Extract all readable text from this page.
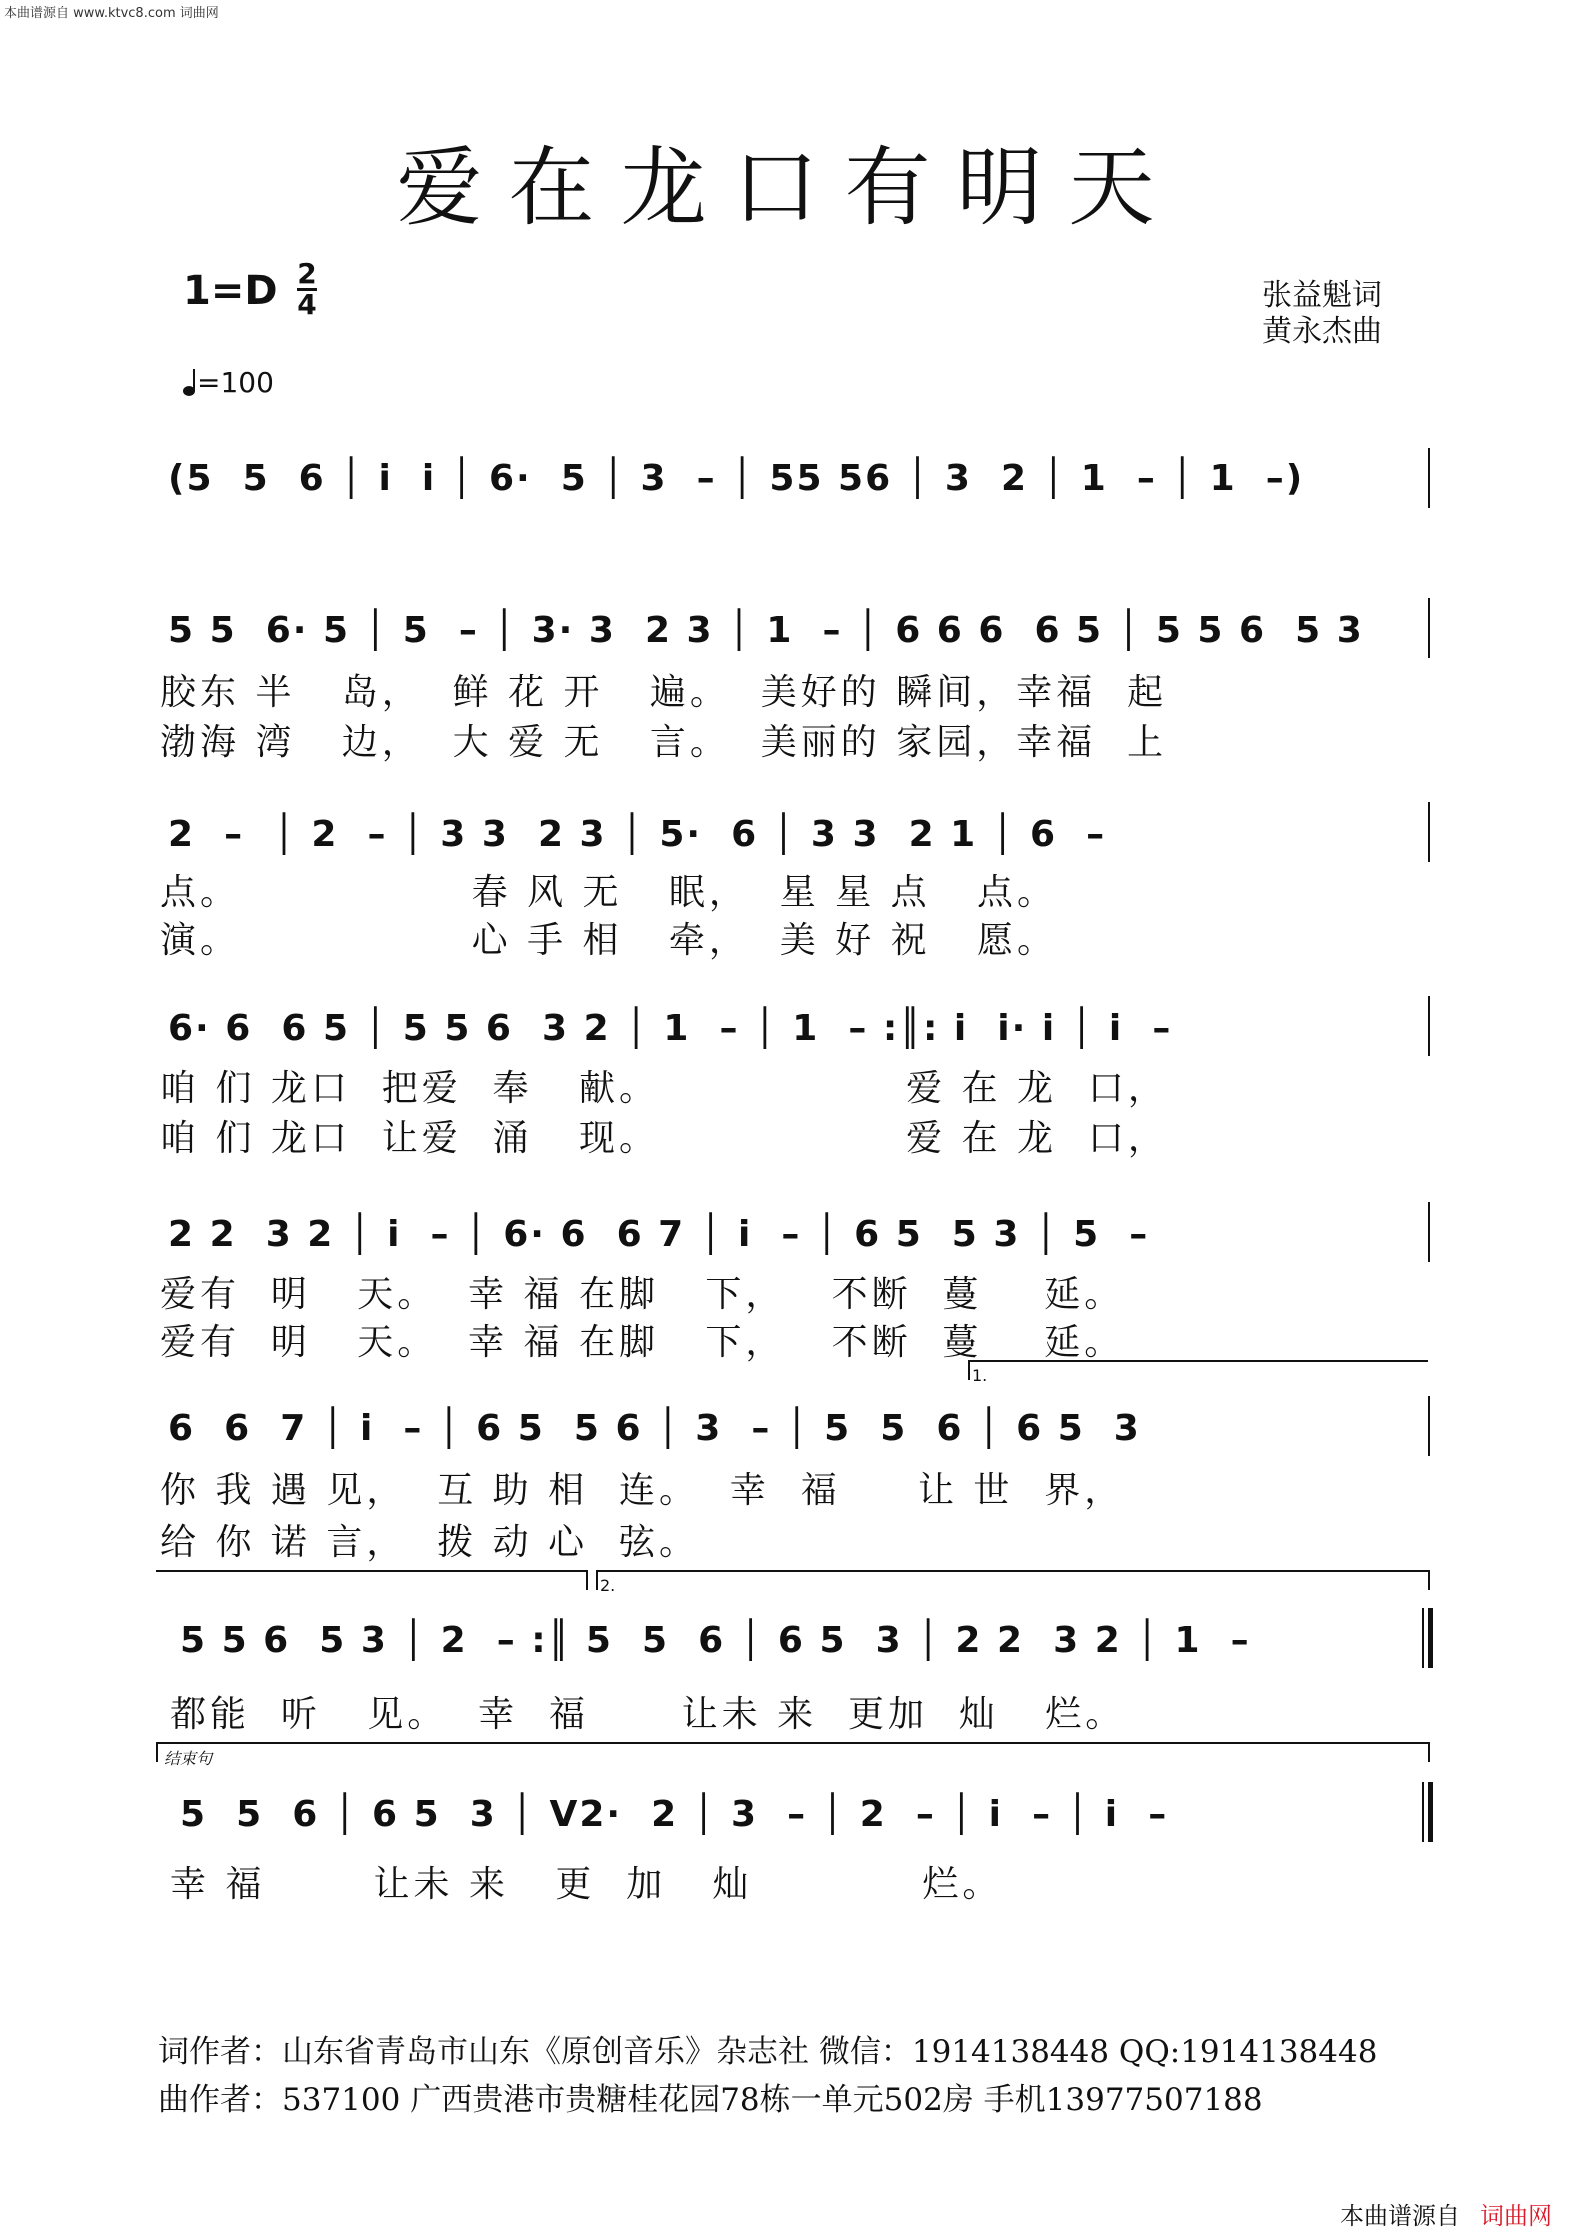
本曲谱源自 www.ktvc8.com 词曲网
爱在龙口有明天
1=D 2
4	张益魁词
黄永杰曲
=100
(5  5  6 │ i  i │ 6·  5 │ 3  – │ 55 56 │ 3  2 │ 1  – │ 1  –)
5 5  6· 5 │ 5  – │ 3· 3  2 3 │ 1  – │ 6 6 6  6 5 │ 5 5 6  5 3
胶东 半   岛，  鲜 花 开   遍。  美好的 瞬间，幸福  起
渤海 湾   边，  大 爱 无   言。  美丽的 家园，幸福  上
2  –  │ 2  – │ 3 3  2 3 │ 5·  6 │ 3 3  2 1 │ 6  –
点。               春 风 无   眠，  星 星 点   点。
演。               心 手 相   牵，  美 好 祝   愿。
6· 6  6 5 │ 5 5 6  3 2 │ 1  – │ 1  – :║: i  i· i │ i  –
咱 们 龙口  把爱  奉   献。                爱 在 龙  口，
咱 们 龙口  让爱  涌   现。                爱 在 龙  口，
2 2  3 2 │ i  – │ 6· 6  6 7 │ i  – │ 6 5  5 3 │ 5  –
爱有  明   天。  幸 福 在脚   下，   不断  蔓    延。
爱有  明   天。  幸 福 在脚   下，   不断  蔓    延。
1.
6  6  7 │ i  – │ 6 5  5 6 │ 3  – │ 5  5  6 │ 6 5  3
你 我 遇 见，  互 助 相  连。  幸  福     让 世  界，
给 你 诺 言，  拨 动 心  弦。
2.
5 5 6  5 3 │ 2  – :║ 5  5  6 │ 6 5  3 │ 2 2  3 2 │ 1  –
都能  听   见。  幸  福      让未 来  更加  灿   烂。
结束句
5  5  6 │ 6 5  3 │ V2·  2 │ 3  – │ 2  – │ i  – │ i  –
幸 福       让未 来   更  加   灿           烂。
词作者：山东省青岛市山东《原创音乐》杂志社 微信：1914138448 QQ:1914138448
曲作者：537100 广西贵港市贵糖桂花园78栋一单元502房 手机13977507188
本曲谱源自 词曲网
